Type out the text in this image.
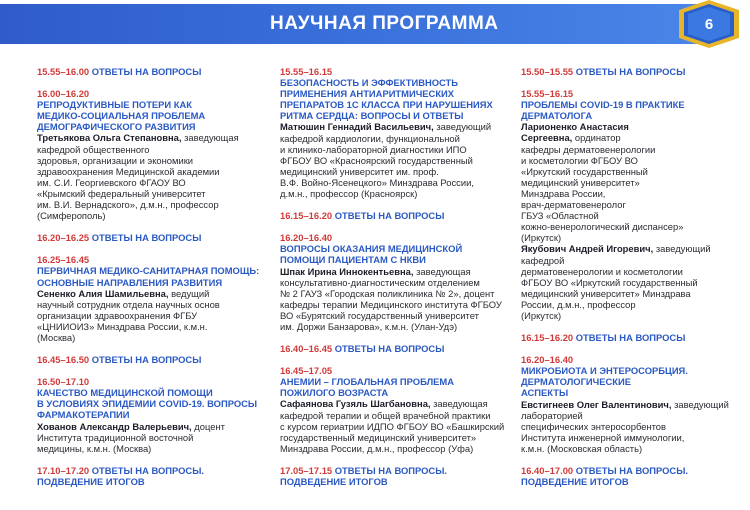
НАУЧНАЯ ПРОГРАММА	6
15.55–16.00 ОТВЕТЫ НА ВОПРОСЫ
16.00–16.20
РЕПРОДУКТИВНЫЕ ПОТЕРИ КАК
МЕДИКО-СОЦИАЛЬНАЯ ПРОБЛЕМА
ДЕМОГРАФИЧЕСКОГО РАЗВИТИЯ
Третьякова Ольга Степановна, заведующая кафедрой общественного
здоровья, организации и экономики
здравоохранения Медицинской академии
им. С.И. Георгиевского ФГАОУ ВО
«Крымский федеральный университет
им. В.И. Вернадского», д.м.н., профессор
(Симферополь)
16.20–16.25 ОТВЕТЫ НА ВОПРОСЫ
16.25–16.45
ПЕРВИЧНАЯ МЕДИКО-САНИТАРНАЯ ПОМОЩЬ:
ОСНОВНЫЕ НАПРАВЛЕНИЯ РАЗВИТИЯ
Сененко Алия Шамильевна, ведущий
научный сотрудник отдела научных основ
организации здравоохранения ФГБУ
«ЦНИИОИЗ» Минздрава России, к.м.н.
(Москва)
16.45–16.50 ОТВЕТЫ НА ВОПРОСЫ
16.50–17.10
КАЧЕСТВО МЕДИЦИНСКОЙ ПОМОЩИ
В УСЛОВИЯХ ЭПИДЕМИИ COVID-19. ВОПРОСЫ
ФАРМАКОТЕРАПИИ
Хованов Александр Валерьевич, доцент
Института традиционной восточной
медицины, к.м.н. (Москва)
17.10–17.20 ОТВЕТЫ НА ВОПРОСЫ.
ПОДВЕДЕНИЕ ИТОГОВ
15.55–16.15
БЕЗОПАСНОСТЬ И ЭФФЕКТИВНОСТЬ
ПРИМЕНЕНИЯ АНТИАРИТМИЧЕСКИХ
ПРЕПАРАТОВ 1С КЛАССА ПРИ НАРУШЕНИЯХ
РИТМА СЕРДЦА: ВОПРОСЫ И ОТВЕТЫ
Матюшин Геннадий Васильевич, заведующий
кафедрой кардиологии, функциональной
и клинико-лабораторной диагностики ИПО
ФГБОУ ВО «Красноярский государственный
медицинский университет им. проф.
В.Ф. Войно-Ясенецкого» Минздрава России,
д.м.н., профессор (Красноярск)
16.15–16.20 ОТВЕТЫ НА ВОПРОСЫ
16.20–16.40
ВОПРОСЫ ОКАЗАНИЯ МЕДИЦИНСКОЙ
ПОМОЩИ ПАЦИЕНТАМ С НКВИ
Шпак Ирина Иннокентьевна, заведующая
консультативно-диагностическим отделением
№ 2 ГАУЗ «Городская поликлиника № 2», доцент
кафедры терапии Медицинского института ФГБОУ
ВО «Бурятский государственный университет
им. Доржи Банзарова», к.м.н. (Улан-Удэ)
16.40–16.45 ОТВЕТЫ НА ВОПРОСЫ
16.45–17.05
АНЕМИИ – ГЛОБАЛЬНАЯ ПРОБЛЕМА
ПОЖИЛОГО ВОЗРАСТА
Сафаянова Гузяль Шагбановна, заведующая
кафедрой терапии и общей врачебной практики
с курсом гериатрии ИДПО ФГБОУ ВО «Башкирский
государственный медицинский университет»
Минздрава России, д.м.н., профессор (Уфа)
17.05–17.15 ОТВЕТЫ НА ВОПРОСЫ.
ПОДВЕДЕНИЕ ИТОГОВ
15.50–15.55 ОТВЕТЫ НА ВОПРОСЫ
15.55–16.15
ПРОБЛЕМЫ COVID-19 В ПРАКТИКЕ
ДЕРМАТОЛОГА
Ларионенко Анастасия
Сергеевна, ординатор
кафедры дерматовенерологии
и косметологии ФГБОУ ВО
«Иркутский государственный
медицинский университет»
Минздрава России,
врач-дерматовенеролог
ГБУЗ «Областной
кожно-венерологический диспансер»
(Иркутск)
Якубович Андрей Игоревич, заведующий кафедрой
дерматовенерологии и косметологии
ФГБОУ ВО «Иркутский государственный
медицинский университет» Минздрава
России, д.м.н., профессор
(Иркутск)
16.15–16.20 ОТВЕТЫ НА ВОПРОСЫ
16.20–16.40
МИКРОБИОТА И ЭНТЕРОСОРБЦИЯ.
ДЕРМАТОЛОГИЧЕСКИЕ
АСПЕКТЫ
Евстигнеев Олег Валентинович, заведующий лабораторией
специфических энтеросорбентов
Института инженерной иммунологии,
к.м.н. (Московская область)
16.40–17.00 ОТВЕТЫ НА ВОПРОСЫ.
ПОДВЕДЕНИЕ ИТОГОВ
